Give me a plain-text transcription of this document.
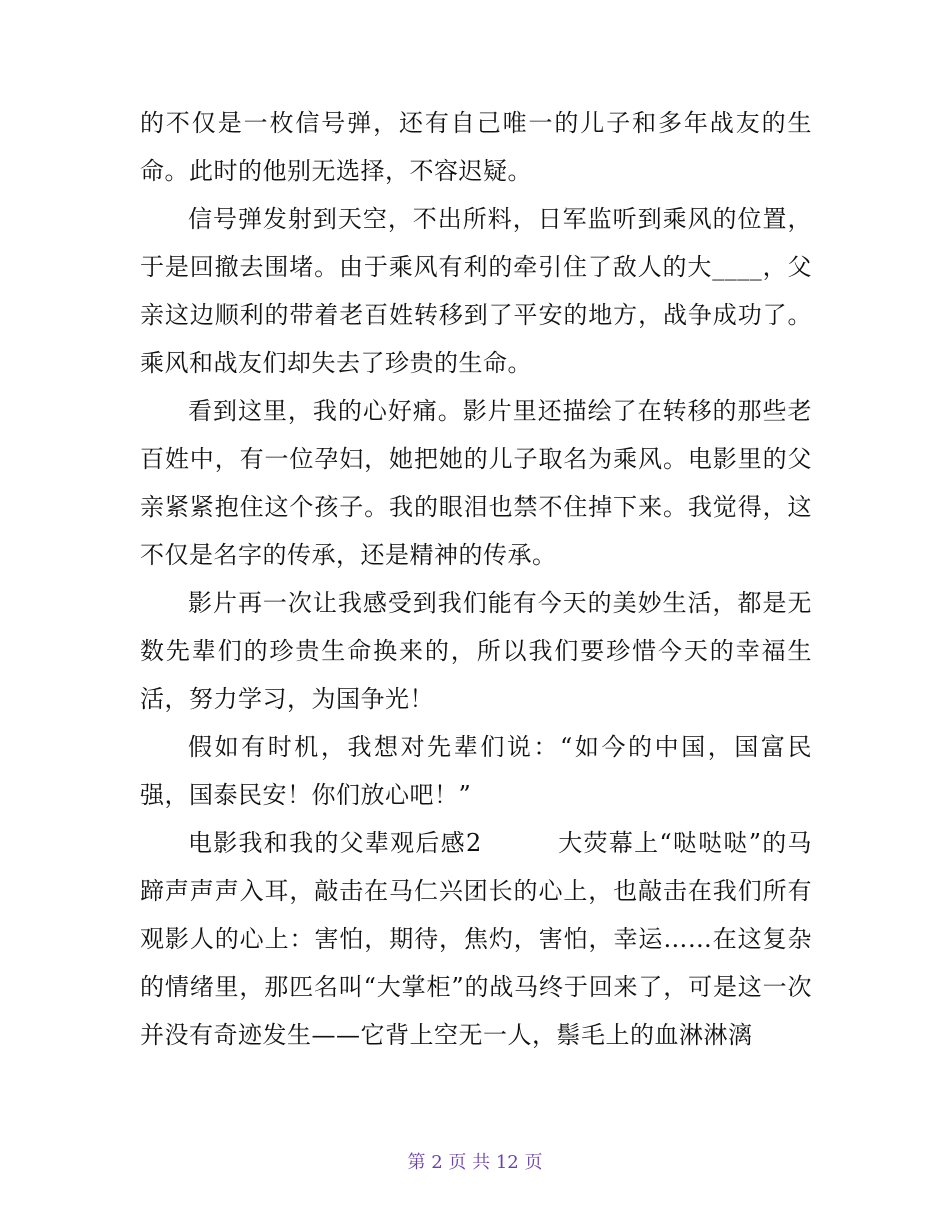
的不仅是一枚信号弹，还有自己唯一的儿子和多年战友的生命。此时的他别无选择，不容迟疑。

信号弹发射到天空，不出所料，日军监听到乘风的位置，于是回撤去围堵。由于乘风有利的牵引住了敌人的大____，父亲这边顺利的带着老百姓转移到了平安的地方，战争成功了。乘风和战友们却失去了珍贵的生命。

看到这里，我的心好痛。影片里还描绘了在转移的那些老百姓中，有一位孕妇，她把她的儿子取名为乘风。电影里的父亲紧紧抱住这个孩子。我的眼泪也禁不住掉下来。我觉得，这不仅是名字的传承，还是精神的传承。

影片再一次让我感受到我们能有今天的美妙生活，都是无数先辈们的珍贵生命换来的，所以我们要珍惜今天的幸福生活，努力学习，为国争光！

假如有时机，我想对先辈们说：“如今的中国，国富民强，国泰民安！你们放心吧！”

电影我和我的父辈观后感2　　　大荧幕上“哒哒哒”的马蹄声声声入耳，敲击在马仁兴团长的心上，也敲击在我们所有观影人的心上：害怕，期待，焦灼，害怕，幸运……在这复杂的情绪里，那匹名叫“大掌柜”的战马终于回来了，可是这一次并没有奇迹发生——它背上空无一人，鬃毛上的血淋淋漓

第 2 页 共 12 页
